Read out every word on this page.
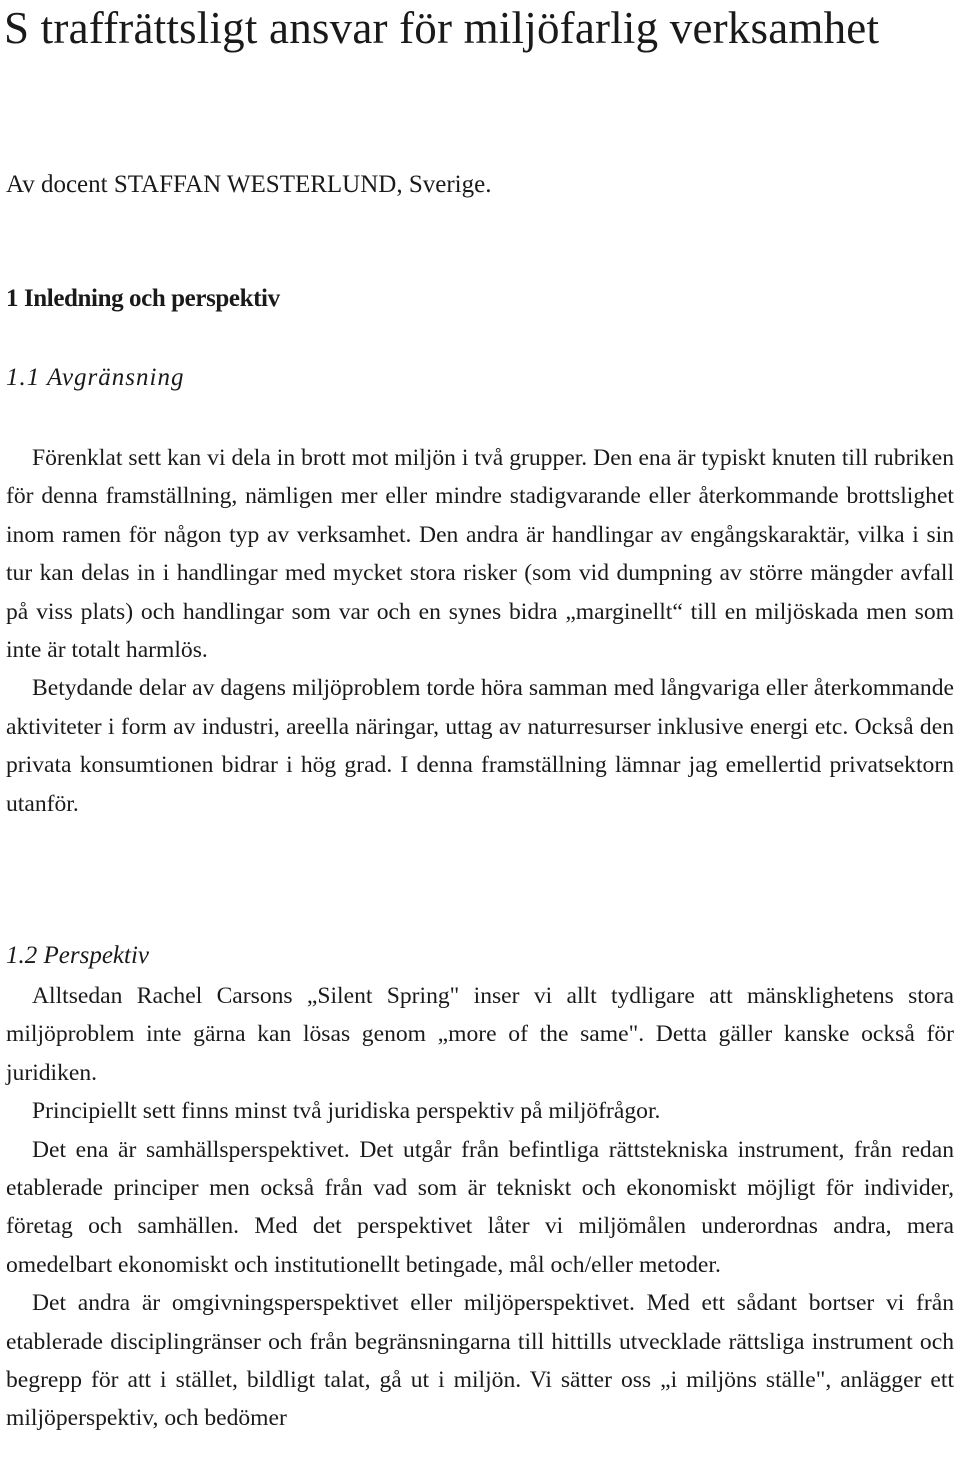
S traffrättsligt ansvar för miljöfarlig verksamhet
Av docent STAFFAN WESTERLUND, Sverige.
1 Inledning och perspektiv
1.1 Avgränsning

Förenklat sett kan vi dela in brott mot miljön i två grupper. Den ena är typiskt knuten till rubriken för denna framställning, nämligen mer eller mindre stadigvarande eller återkommande brottslighet inom ramen för någon typ av verksamhet. Den andra är handlingar av engångskaraktär, vilka i sin tur kan delas in i handlingar med mycket stora risker (som vid dumpning av större mängder avfall på viss plats) och handlingar som var och en synes bidra „marginellt“ till en miljöskada men som inte är totalt harmlös.

Betydande delar av dagens miljöproblem torde höra samman med långvariga eller återkommande aktiviteter i form av industri, areella näringar, uttag av naturresurser inklusive energi etc. Också den privata konsumtionen bidrar i hög grad. I denna framställning lämnar jag emellertid privatsektorn utanför.

1.2 Perspektiv

Alltsedan Rachel Carsons „Silent Spring" inser vi allt tydligare att mänsklighetens stora miljöproblem inte gärna kan lösas genom „more of the same". Detta gäller kanske också för juridiken.

Principiellt sett finns minst två juridiska perspektiv på miljöfrågor.

Det ena är samhällsperspektivet. Det utgår från befintliga rättstekniska instrument, från redan etablerade principer men också från vad som är tekniskt och ekonomiskt möjligt för individer, företag och samhällen. Med det perspektivet låter vi miljömålen underordnas andra, mera omedelbart ekonomiskt och institutionellt betingade, mål och/eller metoder.

Det andra är omgivningsperspektivet eller miljöperspektivet. Med ett sådant bortser vi från etablerade disciplingränser och från begränsningarna till hittills utvecklade rättsliga instrument och begrepp för att i stället, bildligt talat, gå ut i miljön. Vi sätter oss „i miljöns ställe", anlägger ett miljöperspektiv, och bedömer
